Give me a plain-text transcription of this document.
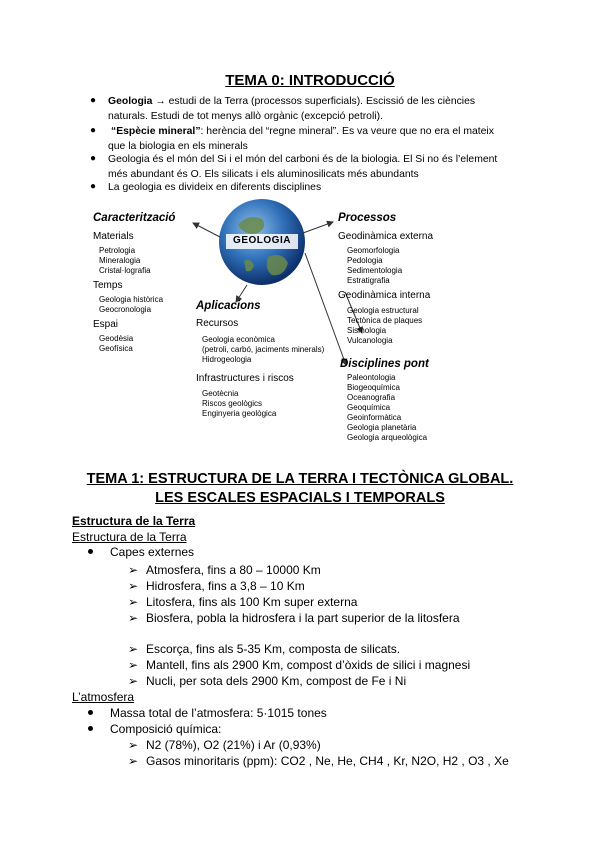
TEMA 0: INTRODUCCIÓ
● Geologia → estudi de la Terra (processos superficials). Escissió de les ciències
naturals. Estudi de tot menys allò orgànic (excepció petroli).
● “Espècie mineral”: herència del “regne mineral”. Es va veure que no era el mateix
que la biologia en els minerals
● Geologia és el món del Si i el món del carboni és de la biologia. El Si no és l’element
més abundant és O. Els silicats i els aluminosilicats més abundants
● La geologia es divideix en diferents disciplines
GEOLOGIA
Caracterització
Materials
Petrologia
Mineralogia
Cristal·lografia
Temps
Geologia històrica
Geocronologia
Espai
Geodèsia
Geofísica
Aplicacions
Recursos
Geologia econòmica
(petroli, carbó, jaciments minerals)
Hidrogeologia
Infrastructures i riscos
Geotècnia
Riscos geològics
Enginyeria geològica
Processos
Geodinàmica externa
Geomorfologia
Pedologia
Sedimentologia
Estratigrafia
Geodinàmica interna
Geologia estructural
Tectònica de plaques
Sismologia
Vulcanologia
Disciplines pont
Paleontologia
Biogeoquímica
Oceanografia
Geoquímica
Geoinformàtica
Geologia planetària
Geologia arqueològica
TEMA 1: ESTRUCTURA DE LA TERRA I TECTÒNICA GLOBAL.
LES ESCALES ESPACIALS I TEMPORALS
Estructura de la Terra
Estructura de la Terra
Capes externes
➢ Atmosfera, fins a 80 – 10000 Km
➢ Hidrosfera, fins a 3,8 – 10 Km
➢ Litosfera, fins als 100 Km super externa
➢ Biosfera, pobla la hidrosfera i la part superior de la litosfera
➢ Escorça, fins als 5-35 Km, composta de silicats.
➢ Mantell, fins als 2900 Km, compost d’òxids de silici i magnesi
➢ Nucli, per sota dels 2900 Km, compost de Fe i Ni
L’atmosfera
Massa total de l’atmosfera: 5·1015 tones
Composició química:
➢ N2 (78%), O2 (21%) i Ar (0,93%)
➢ Gasos minoritaris (ppm): CO2 , Ne, He, CH4 , Kr, N2O, H2 , O3 , Xe
